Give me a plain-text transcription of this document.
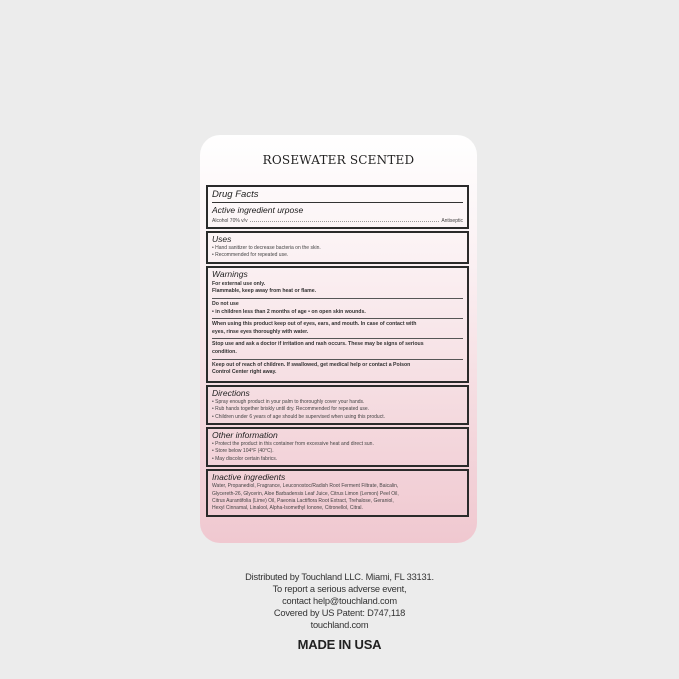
ROSEWATER SCENTED
Drug Facts
Active ingredient urpose
Alcohol 70% v/v	Antiseptic
Uses
• Hand sanitizer to decrease bacteria on the skin.
• Recommended for repeated use.
Warnings
For external use only.
Flammable, keep away from heat or flame.
Do not use
• in children less than 2 months of age • on open skin wounds.
When using this product keep out of eyes, ears, and mouth. In case of contact with
eyes, rinse eyes thoroughly with water.
Stop use and ask a doctor if irritation and rash occurs. These may be signs of serious
condition.
Keep out of reach of children. If swallowed, get medical help or contact a Poison
Control Center right away.
Directions
• Spray enough product in your palm to thoroughly cover your hands.
• Rub hands together briskly until dry. Recommended for repeated use.
• Children under 6 years of age should be supervised when using this product.
Other information
• Protect the product in this container from excessive heat and direct sun.
• Store below 104°F (40°C).
• May discolor certain fabrics.
Inactive ingredients
Water, Propanediol, Fragrance, Leuconostoc/Radish Root Ferment Filtrate, Baicalin,
Glycereth-26, Glycerin, Aloe Barbadensis Leaf Juice, Citrus Limon (Lemon) Peel Oil,
Citrus Aurantifolia (Lime) Oil, Paeonia Lactiflora Root Extract, Trehalose, Geraniol,
Hexyl Cinnamal, Linalool, Alpha-Isomethyl Ionone, Citronellol, Citral.
Distributed by Touchland LLC. Miami, FL 33131.
To report a serious adverse event,
contact help@touchland.com
Covered by US Patent: D747,118
touchland.com
MADE IN USA
